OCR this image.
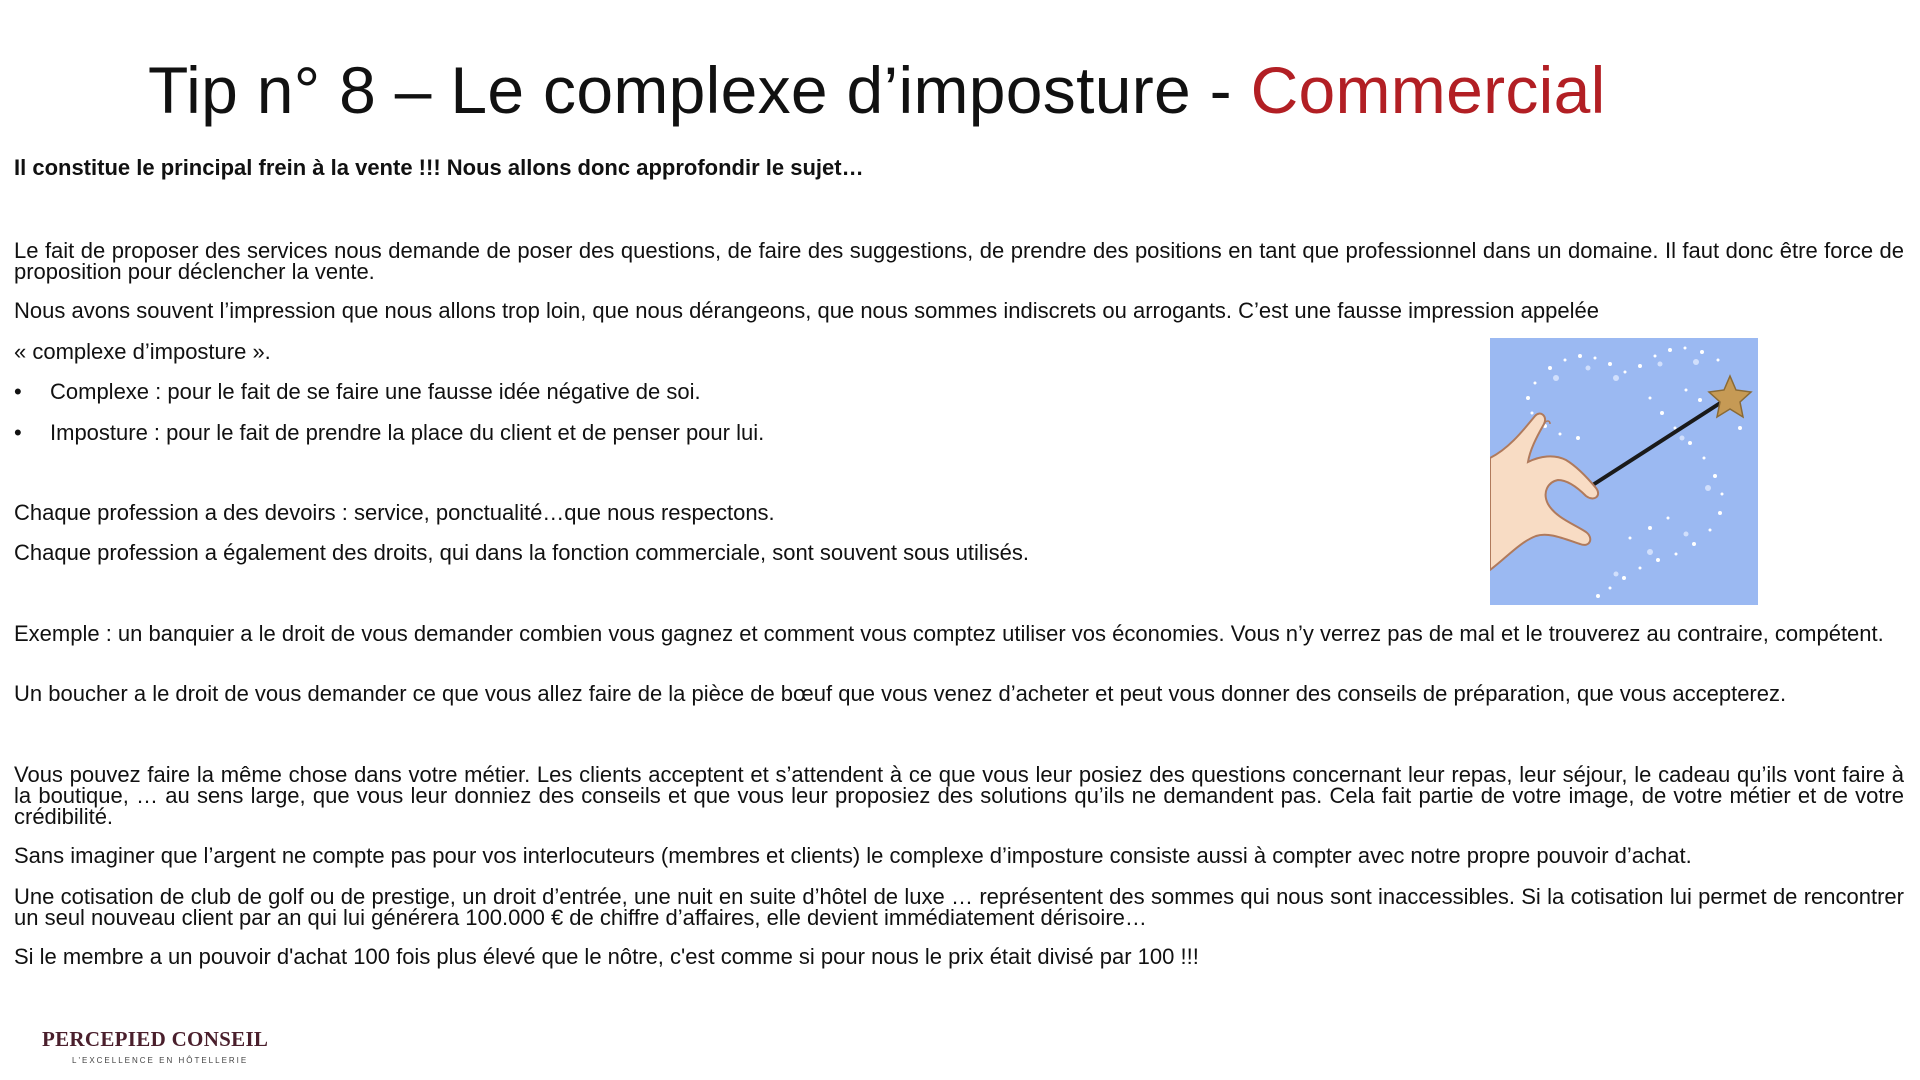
Tip n° 8 – Le complexe d’imposture - Commercial
Il constitue le principal frein à la vente !!! Nous allons donc approfondir le sujet…

Le fait de proposer des services nous demande de poser des questions, de faire des suggestions, de prendre des positions en tant que professionnel dans un domaine. Il faut donc être force de proposition pour déclencher la vente.

Nous avons souvent l’impression que nous allons trop loin, que nous dérangeons, que nous sommes indiscrets ou arrogants. C’est une fausse impression appelée

« complexe d’imposture ».

• Complexe : pour le fait de se faire une fausse idée négative de soi.
• Imposture : pour le fait de prendre la place du client et de penser pour lui.

Chaque profession a des devoirs : service, ponctualité…que nous respectons.

Chaque profession a également des droits, qui dans la fonction commerciale, sont souvent sous utilisés.

Exemple : un banquier a le droit de vous demander combien vous gagnez et comment vous comptez utiliser vos économies. Vous n’y verrez pas de mal et le trouverez au contraire, compétent.

Un boucher a le droit de vous demander ce que vous allez faire de la pièce de bœuf que vous venez d’acheter et peut vous donner des conseils de préparation, que vous accepterez.

Vous pouvez faire la même chose dans votre métier. Les clients acceptent et s’attendent à ce que vous leur posiez des questions concernant leur repas, leur séjour, le cadeau qu’ils vont faire à la boutique, … au sens large, que vous leur donniez des conseils et que vous leur proposiez des solutions qu’ils ne demandent pas. Cela fait partie de votre image, de votre métier et de votre crédibilité.

Sans imaginer que l’argent ne compte pas pour vos interlocuteurs (membres et clients) le complexe d’imposture consiste aussi à compter avec notre propre pouvoir d’achat.

Une cotisation de club de golf ou de prestige, un droit d’entrée, une nuit en suite d’hôtel de luxe … représentent des sommes qui nous sont inaccessibles. Si la cotisation lui permet de rencontrer un seul nouveau client par an qui lui générera 100.000 € de chiffre d’affaires, elle devient immédiatement dérisoire…

Si le membre a un pouvoir d'achat 100 fois plus élevé que le nôtre, c'est comme si pour nous le prix était divisé par 100 !!!

PERCEPIED CONSEIL
L'EXCELLENCE EN HÔTELLERIE
